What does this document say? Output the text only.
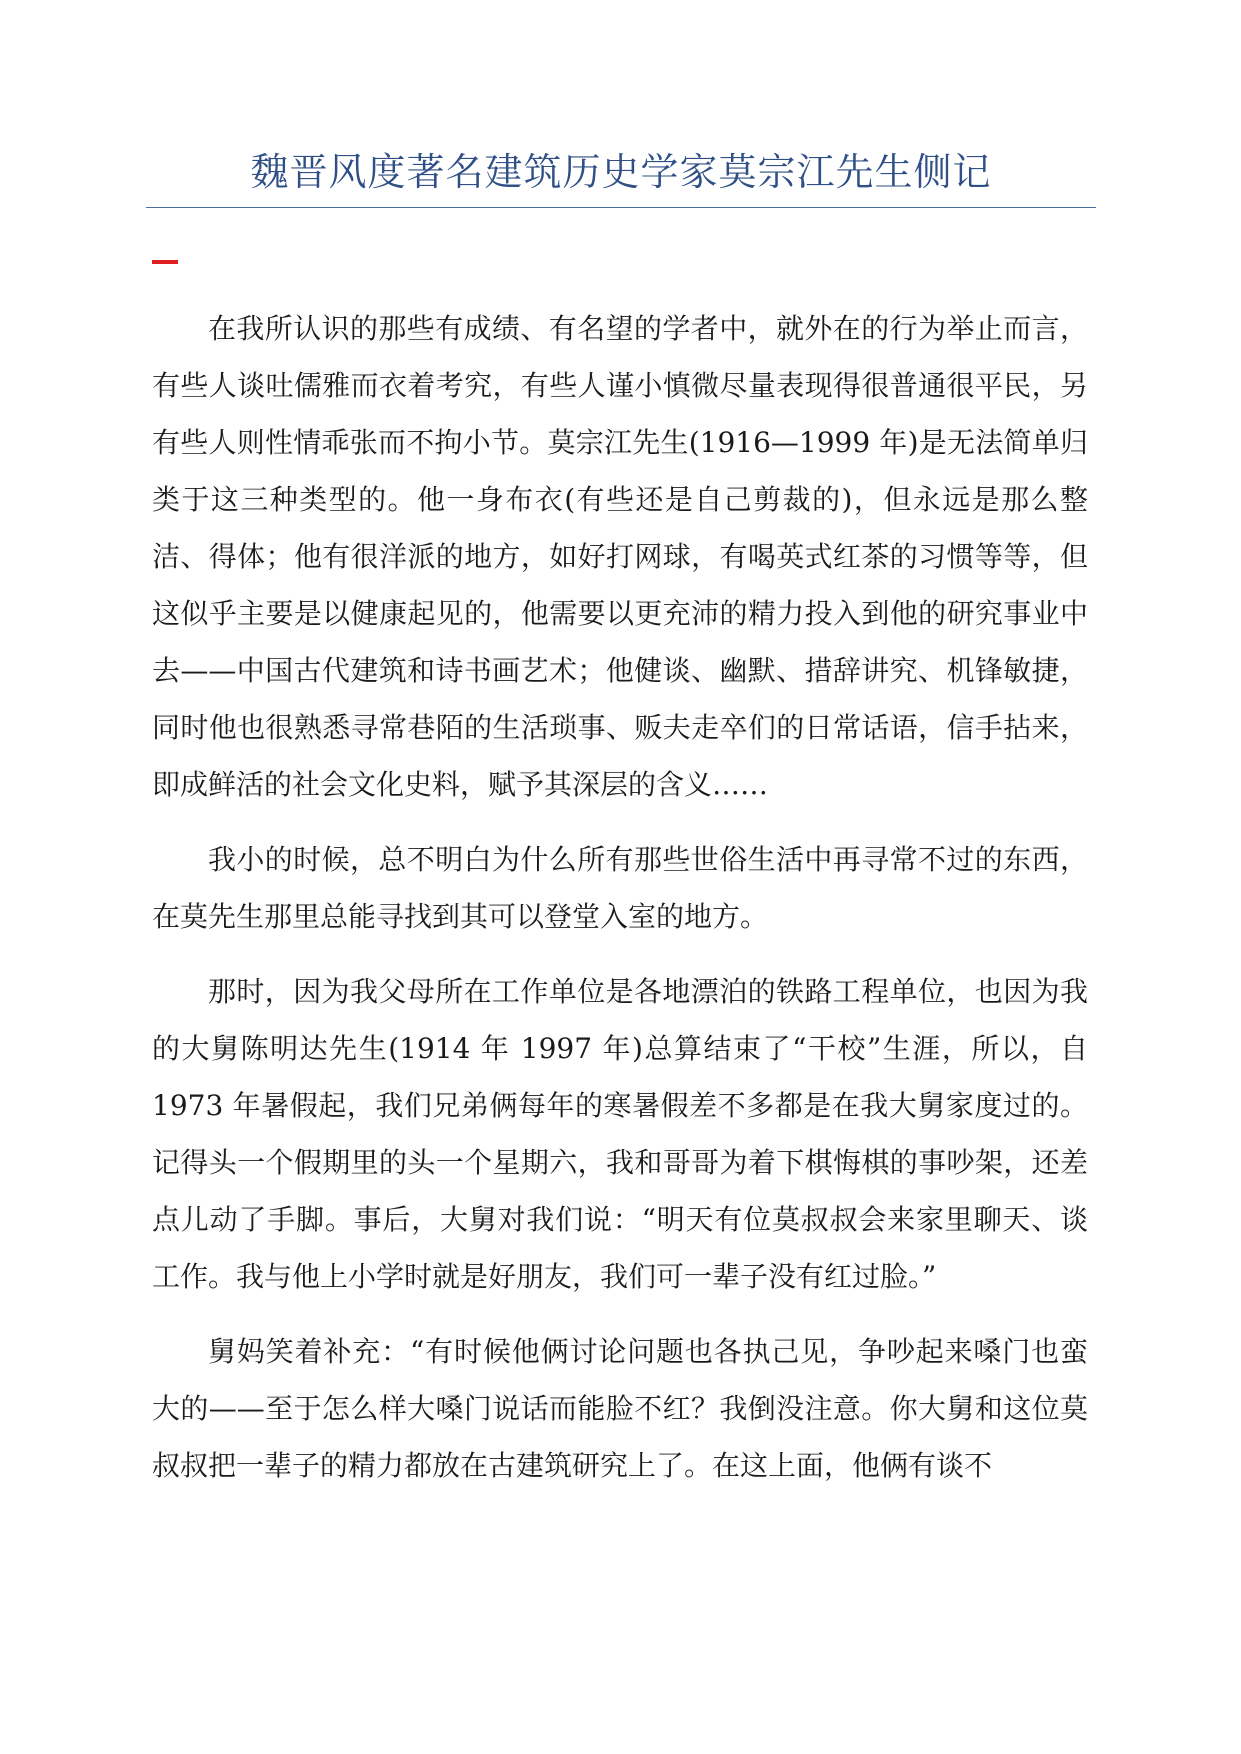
魏晋风度著名建筑历史学家莫宗江先生侧记

在我所认识的那些有成绩、有名望的学者中，就外在的行为举止而言，有些人谈吐儒雅而衣着考究，有些人谨小慎微尽量表现得很普通很平民，另有些人则性情乖张而不拘小节。莫宗江先生(1916—1999 年)是无法简单归类于这三种类型的。他一身布衣(有些还是自己剪裁的)，但永远是那么整洁、得体；他有很洋派的地方，如好打网球，有喝英式红茶的习惯等等，但这似乎主要是以健康起见的，他需要以更充沛的精力投入到他的研究事业中去——中国古代建筑和诗书画艺术；他健谈、幽默、措辞讲究、机锋敏捷，同时他也很熟悉寻常巷陌的生活琐事、贩夫走卒们的日常话语，信手拈来，即成鲜活的社会文化史料，赋予其深层的含义……

我小的时候，总不明白为什么所有那些世俗生活中再寻常不过的东西，在莫先生那里总能寻找到其可以登堂入室的地方。

那时，因为我父母所在工作单位是各地漂泊的铁路工程单位，也因为我的大舅陈明达先生(1914 年 1997 年)总算结束了“干校”生涯，所以，自 1973 年暑假起，我们兄弟俩每年的寒暑假差不多都是在我大舅家度过的。记得头一个假期里的头一个星期六，我和哥哥为着下棋悔棋的事吵架，还差点儿动了手脚。事后，大舅对我们说：“明天有位莫叔叔会来家里聊天、谈工作。我与他上小学时就是好朋友，我们可一辈子没有红过脸。”

舅妈笑着补充：“有时候他俩讨论问题也各执己见，争吵起来嗓门也蛮大的——至于怎么样大嗓门说话而能脸不红？我倒没注意。你大舅和这位莫叔叔把一辈子的精力都放在古建筑研究上了。在这上面，他俩有谈不
